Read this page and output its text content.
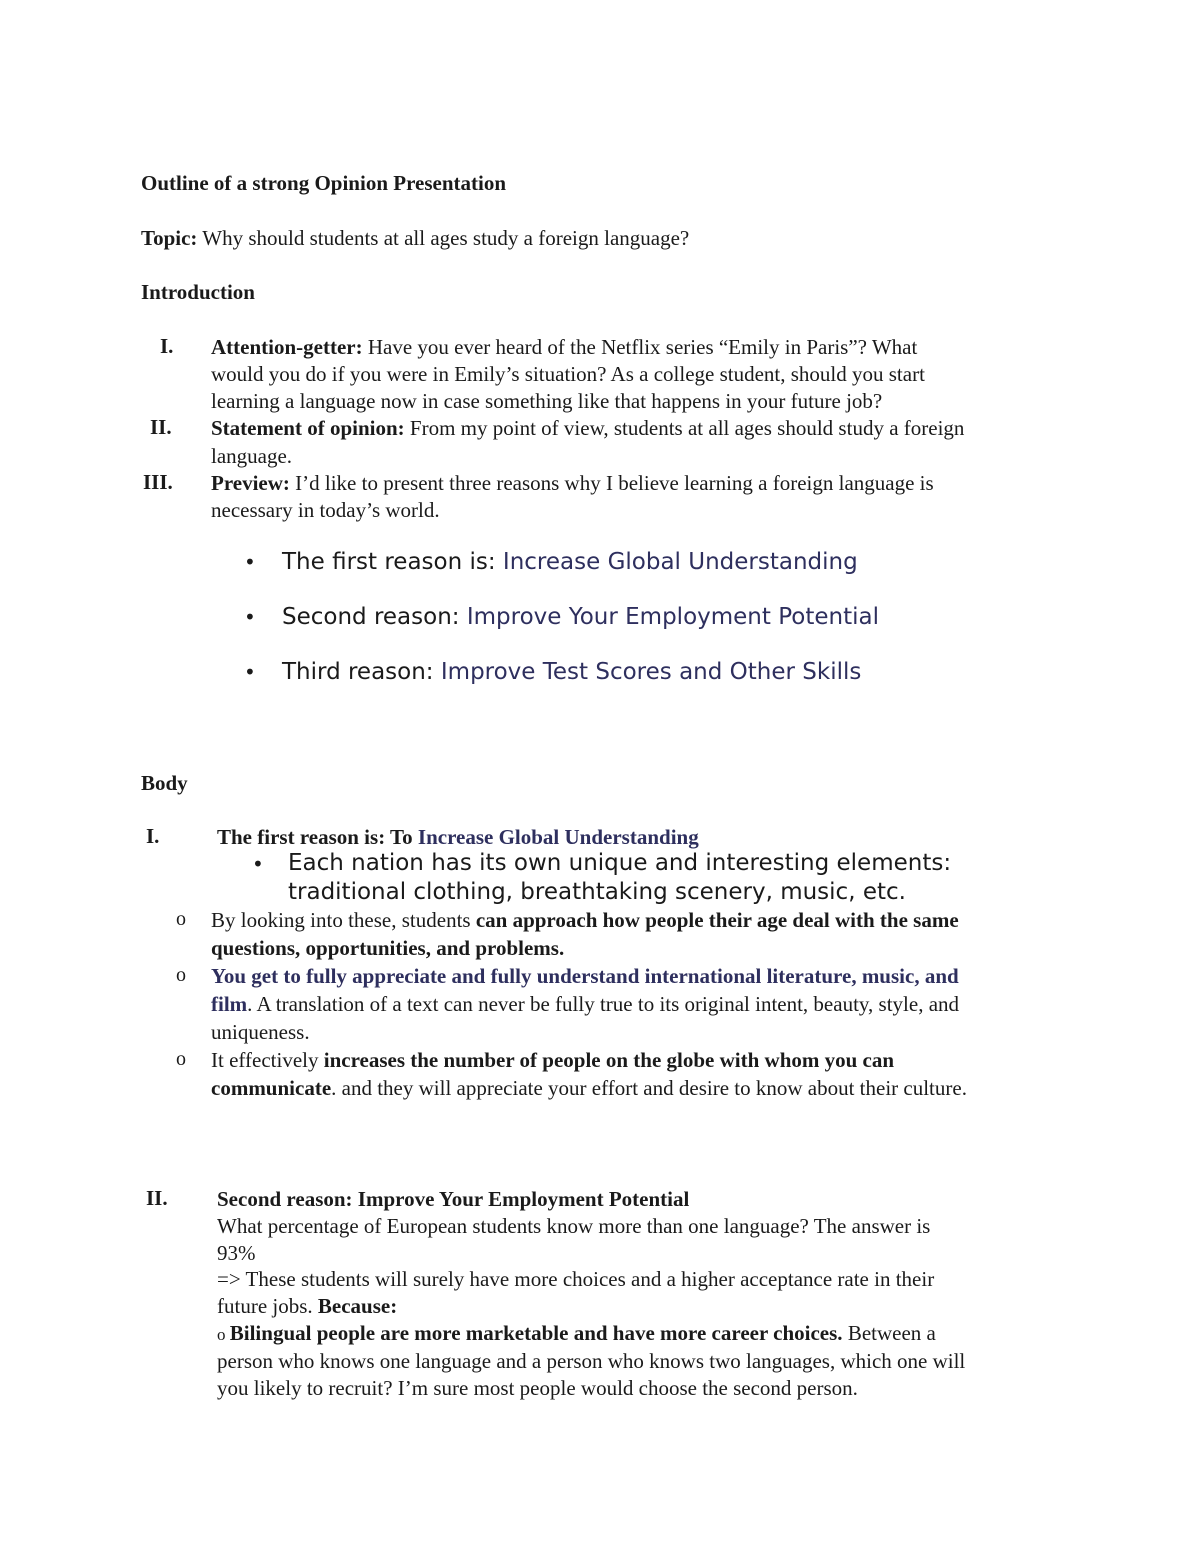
Outline of a strong Opinion Presentation
Topic: Why should students at all ages study a foreign language?
Introduction
I. Attention-getter: Have you ever heard of the Netflix series “Emily in Paris”? What
would you do if you were in Emily’s situation? As a college student, should you start
learning a language now in case something like that happens in your future job?
II. Statement of opinion: From my point of view, students at all ages should study a foreign
language.
III. Preview: I’d like to present three reasons why I believe learning a foreign language is
necessary in today’s world.
• The first reason is: Increase Global Understanding
• Second reason: Improve Your Employment Potential
• Third reason: Improve Test Scores and Other Skills
Body
I.	The first reason is: To Increase Global Understanding
• Each nation has its own unique and interesting elements:
traditional clothing, breathtaking scenery, music, etc.
o By looking into these, students can approach how people their age deal with the same
questions, opportunities, and problems.
o You get to fully appreciate and fully understand international literature, music, and
film. A translation of a text can never be fully true to its original intent, beauty, style, and
uniqueness.
o It effectively increases the number of people on the globe with whom you can
communicate. and they will appreciate your effort and desire to know about their culture.
II. Second reason: Improve Your Employment Potential
What percentage of European students know more than one language? The answer is
93%
=> These students will surely have more choices and a higher acceptance rate in their
future jobs. Because:
o Bilingual people are more marketable and have more career choices. Between a
person who knows one language and a person who knows two languages, which one will
you likely to recruit? I’m sure most people would choose the second person.
